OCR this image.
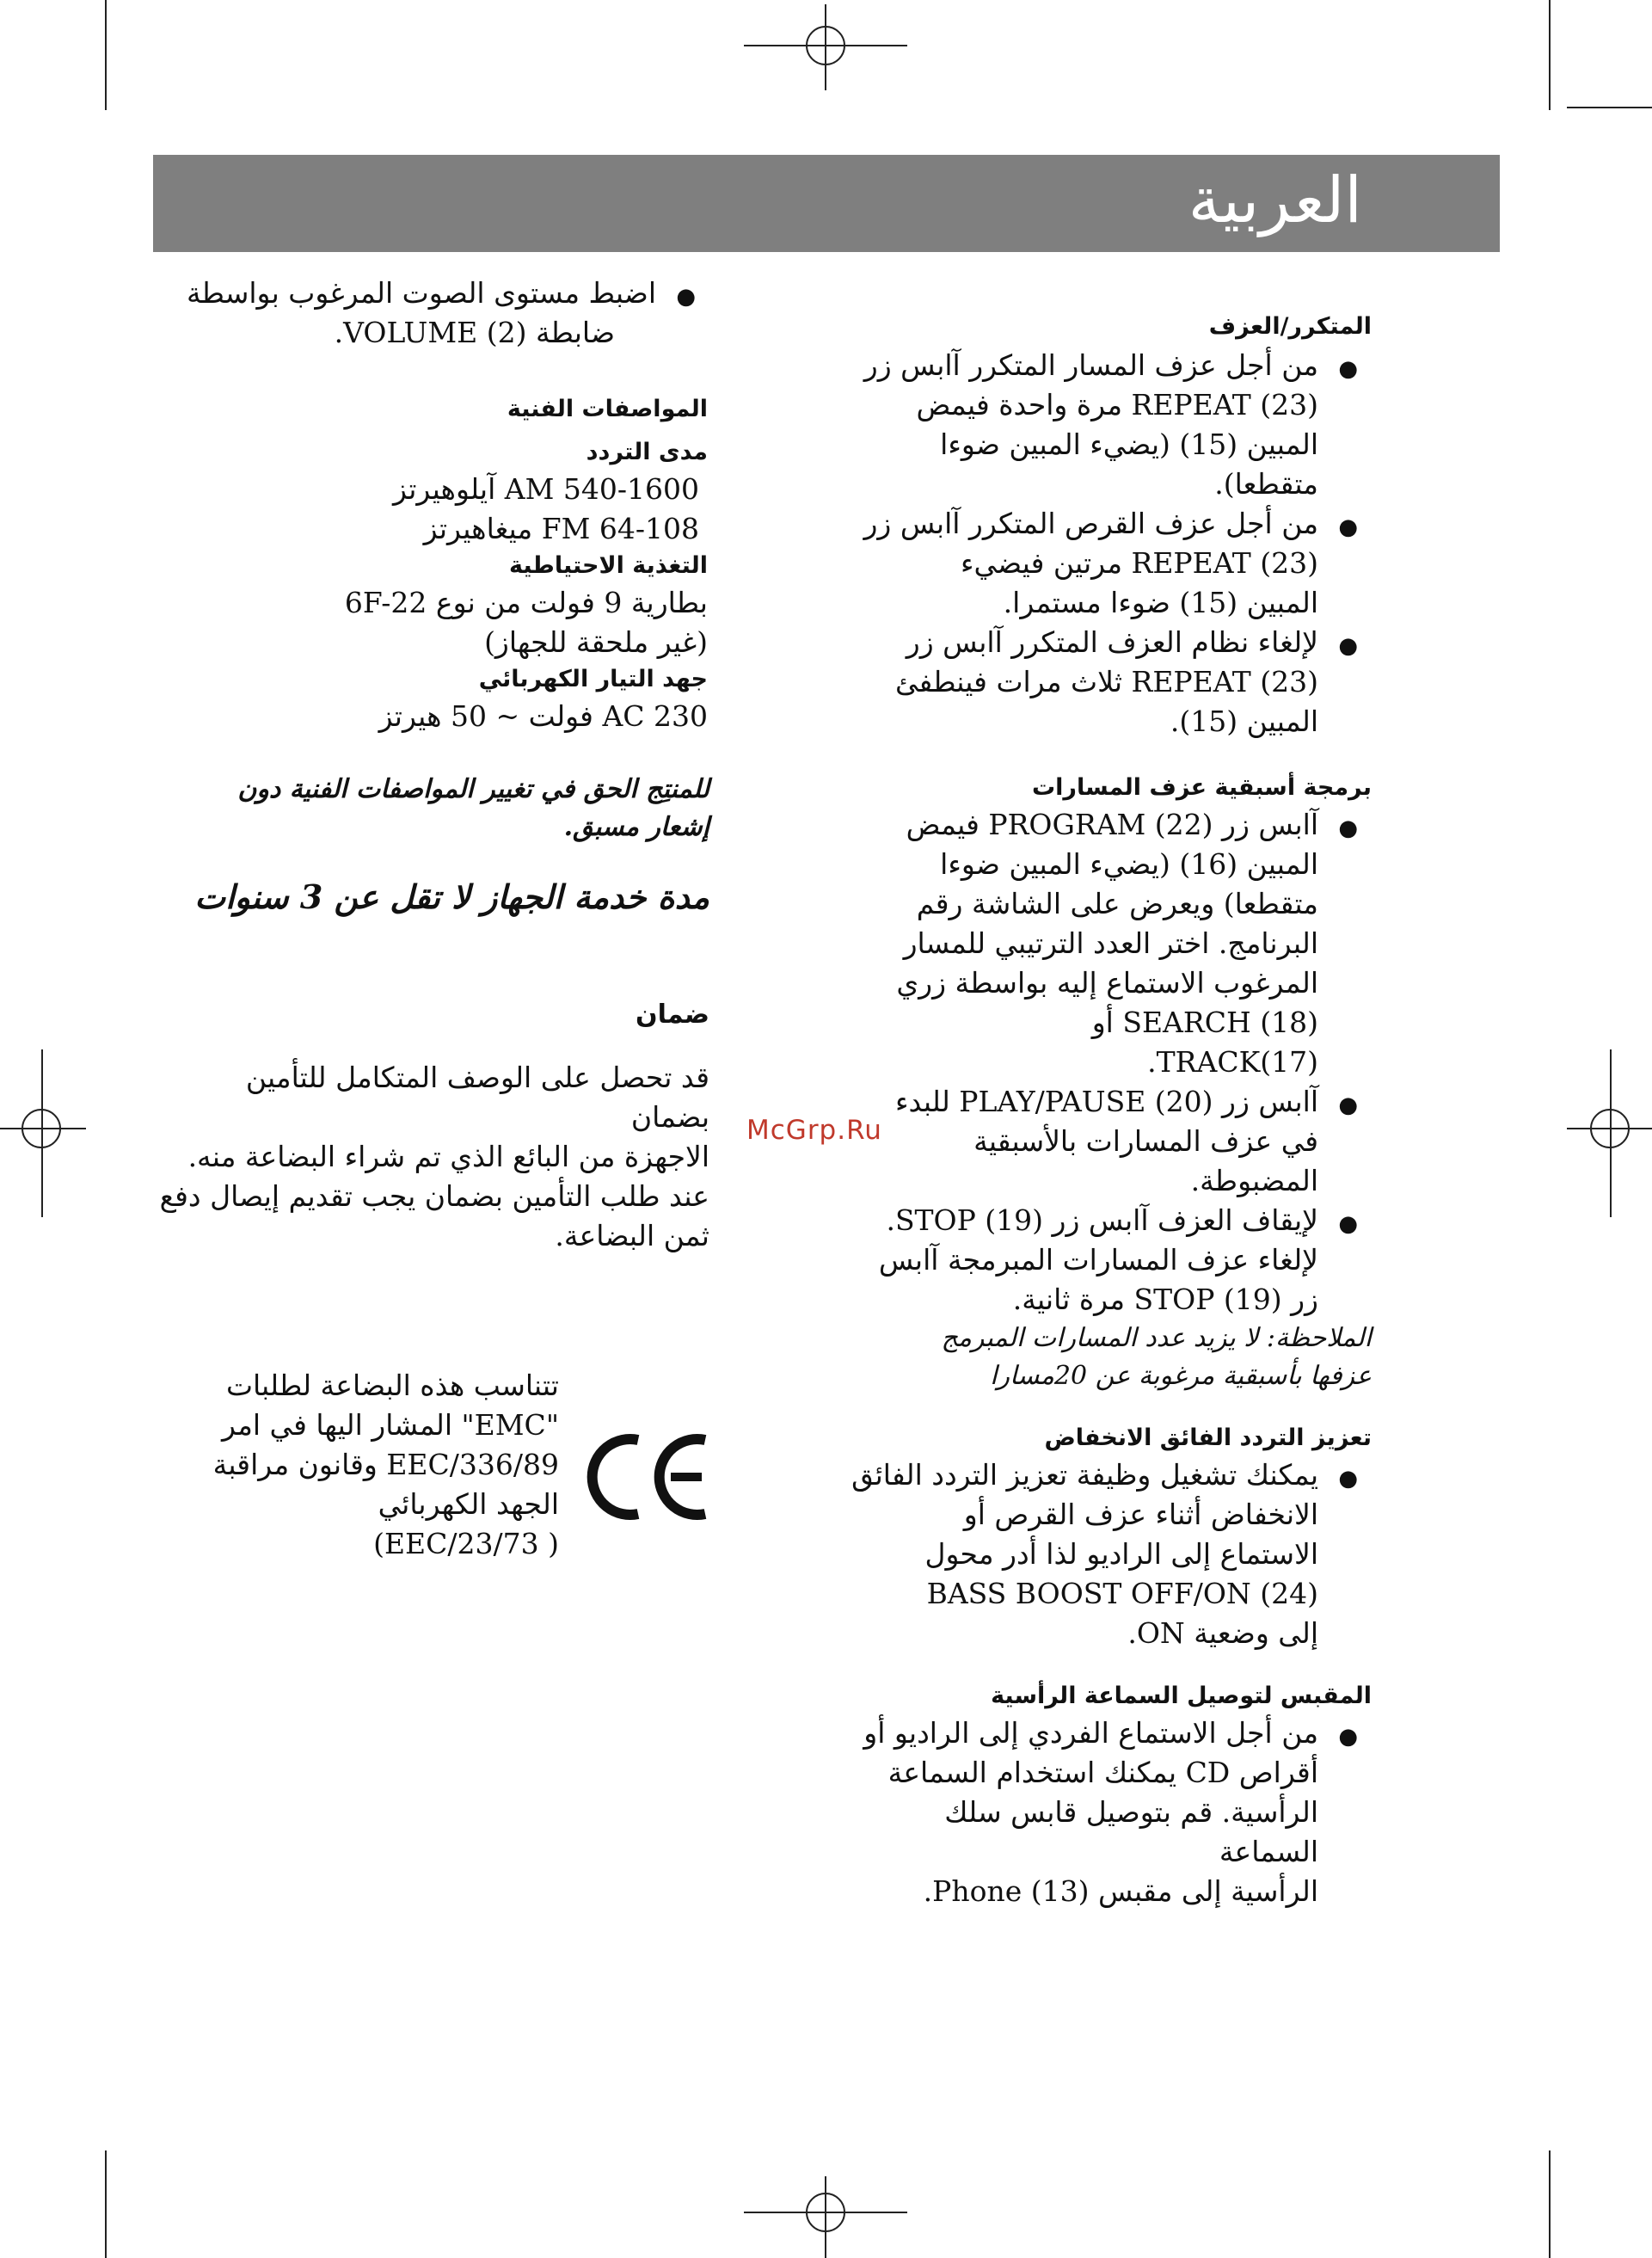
العربية

المتكرر/العزف

●
من أجل عزف المسار المتكرر آابس زر
REPEAT (23) مرة واحدة فيمض
المبين (15) (يضيء المبين ضوءا
متقطعا).
●
من أجل عزف القرص المتكرر آابس زر
REPEAT (23) مرتين فيضيء
المبين (15) ضوءا مستمرا.
●
لإلغاء نظام العزف المتكرر آابس زر
REPEAT (23) ثلاث مرات فينطفئ
المبين (15).

برمجة أسبقية عزف المسارات

●
آابس زر PROGRAM (22) فيمض
المبين (16) (يضيء المبين ضوءا
متقطعا) ويعرض على الشاشة رقم
البرنامج. اختر العدد الترتيبي للمسار
المرغوب الاستماع إليه بواسطة زري
SEARCH (18) أو
TRACK(17).
●
آابس زر PLAY/PAUSE (20) للبدء
في عزف المسارات بالأسبقية
المضبوطة.
●
لإيقاف العزف آابس زر STOP (19).
لإلغاء عزف المسارات المبرمجة آابس
زر STOP (19) مرة ثانية.
الملاحظة: لا يزيد عدد المسارات المبرمج
عزفها بأسبقية مرغوبة عن 20مسارا

تعزيز التردد الفائق الانخفاض

●
يمكنك تشغيل وظيفة تعزيز التردد الفائق
الانخفاض أثناء عزف القرص أو
الاستماع إلى الراديو لذا أدر محول
BASS BOOST OFF/ON (24)
إلى وضعية ON.

المقبس لتوصيل السماعة الرأسية

●
من أجل الاستماع الفردي إلى الراديو أو
أقراص CD يمكنك استخدام السماعة
الرأسية. قم بتوصيل قابس سلك السماعة
الرأسية إلى مقبس Phone (13).
●
اضبط مستوى الصوت المرغوب بواسطة
ضابطة VOLUME (2).

المواصفات الفنية

مدى التردد

AM 540-1600 آيلوهيرتز

FM 64-108 ميغاهيرتز

التغذية الاحتياطية

بطارية 9 فولت من نوع 6F-22

(غير ملحقة للجهاز)

جهد التيار الكهربائي

AC 230 فولت ~ 50 هيرتز

للمنتِج الحق في تغيير المواصفات الفنية دون
إشعار مسبق.

مدة خدمة الجهاز لا تقل عن 3 سنوات

ضمان

قد تحصل على الوصف المتكامل للتأمين بضمان

الاجهزة من البائع الذي تم شراء البضاعة منه.

عند طلب التأمين بضمان يجب تقديم إيصال دفع

ثمن البضاعة.

تتناسب هذه البضاعة لطلبات

"EMC" المشار اليها في امر

EEC/336/89 وقانون مراقبة

الجهد الكهربائي

( EEC/23/73)

McGrp.Ru
